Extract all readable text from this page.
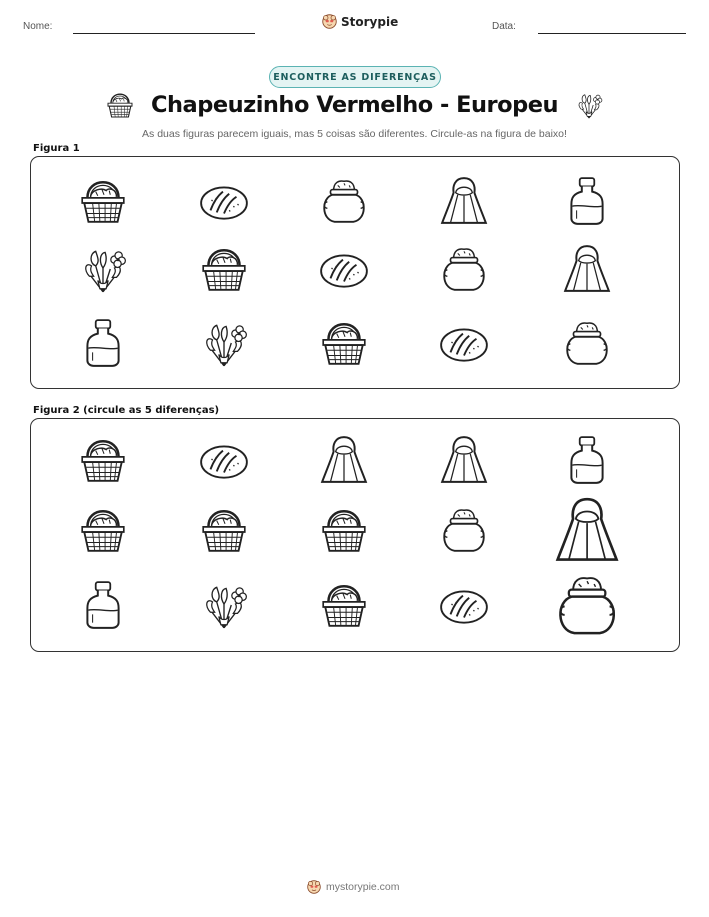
Nome:	Storypie	Data:
ENCONTRE AS DIFERENÇAS
Chapeuzinho Vermelho - Europeu
As duas figuras parecem iguais, mas 5 coisas são diferentes. Circule-as na figura de baixo!
Figura 1
Figura 2 (circule as 5 diferenças)
mystorypie.com
